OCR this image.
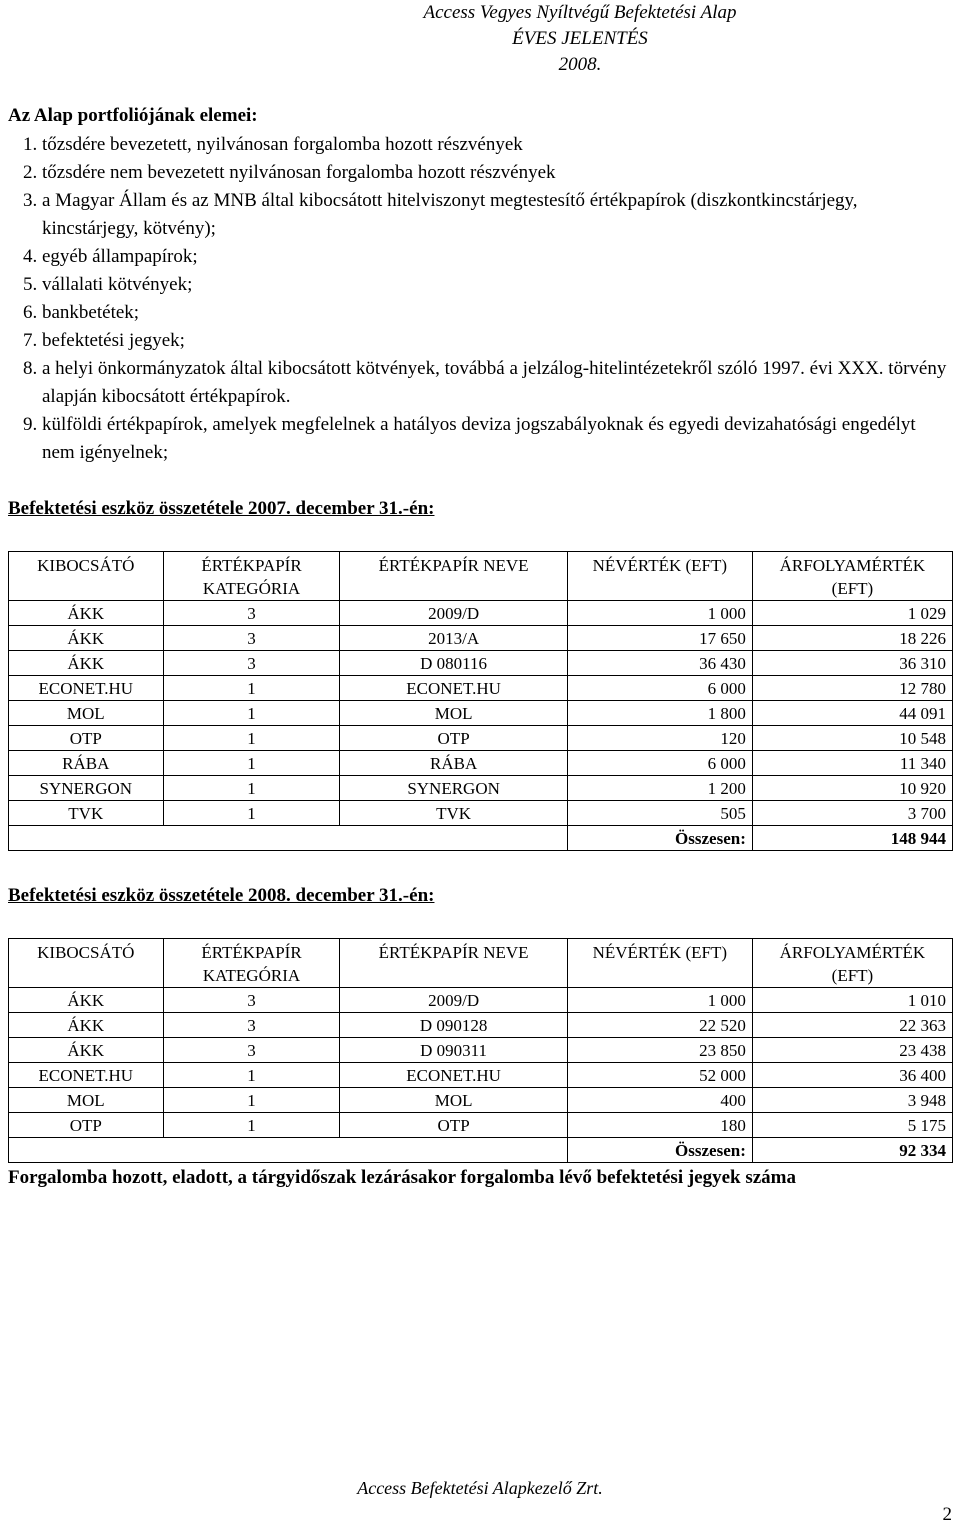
Access Vegyes Nyíltvégű Befektetési Alap
ÉVES JELENTÉS
2008.
Az Alap portfoliójának elemei:
1. tőzsdére bevezetett, nyilvánosan forgalomba hozott részvények
2. tőzsdére nem bevezetett nyilvánosan forgalomba hozott részvények
3. a Magyar Állam és az MNB által kibocsátott hitelviszonyt megtestesítő értékpapírok (diszkontkincstárjegy, kincstárjegy, kötvény);
4. egyéb állampapírok;
5. vállalati kötvények;
6. bankbetétek;
7. befektetési jegyek;
8. a helyi önkormányzatok által kibocsátott kötvények, továbbá a jelzálog-hitelintézetekről szóló 1997. évi XXX. törvény alapján kibocsátott értékpapírok.
9. külföldi értékpapírok, amelyek megfelelnek a hatályos deviza jogszabályoknak és egyedi devizahatósági engedélyt nem igényelnek;
Befektetési eszköz összetétele 2007. december 31.-én:
KIBOCSÁTÓ	ÉRTÉKPAPÍR KATEGÓRIA	ÉRTÉKPAPÍR NEVE	NÉVÉRTÉK (EFT)	ÁRFOLYAMÉRTÉK (EFT)
ÁKK	3	2009/D	1 000	1 029
ÁKK	3	2013/A	17 650	18 226
ÁKK	3	D 080116	36 430	36 310
ECONET.HU	1	ECONET.HU	6 000	12 780
MOL	1	MOL	1 800	44 091
OTP	1	OTP	120	10 548
RÁBA	1	RÁBA	6 000	11 340
SYNERGON	1	SYNERGON	1 200	10 920
TVK	1	TVK	505	3 700
			Összesen:	148 944
Befektetési eszköz összetétele 2008. december 31.-én:
KIBOCSÁTÓ	ÉRTÉKPAPÍR KATEGÓRIA	ÉRTÉKPAPÍR NEVE	NÉVÉRTÉK (EFT)	ÁRFOLYAMÉRTÉK (EFT)
ÁKK	3	2009/D	1 000	1 010
ÁKK	3	D 090128	22 520	22 363
ÁKK	3	D 090311	23 850	23 438
ECONET.HU	1	ECONET.HU	52 000	36 400
MOL	1	MOL	400	3 948
OTP	1	OTP	180	5 175
			Összesen:	92 334
Forgalomba hozott, eladott, a tárgyidőszak lezárásakor forgalomba lévő befektetési jegyek száma
Access Befektetési Alapkezelő Zrt.
2
